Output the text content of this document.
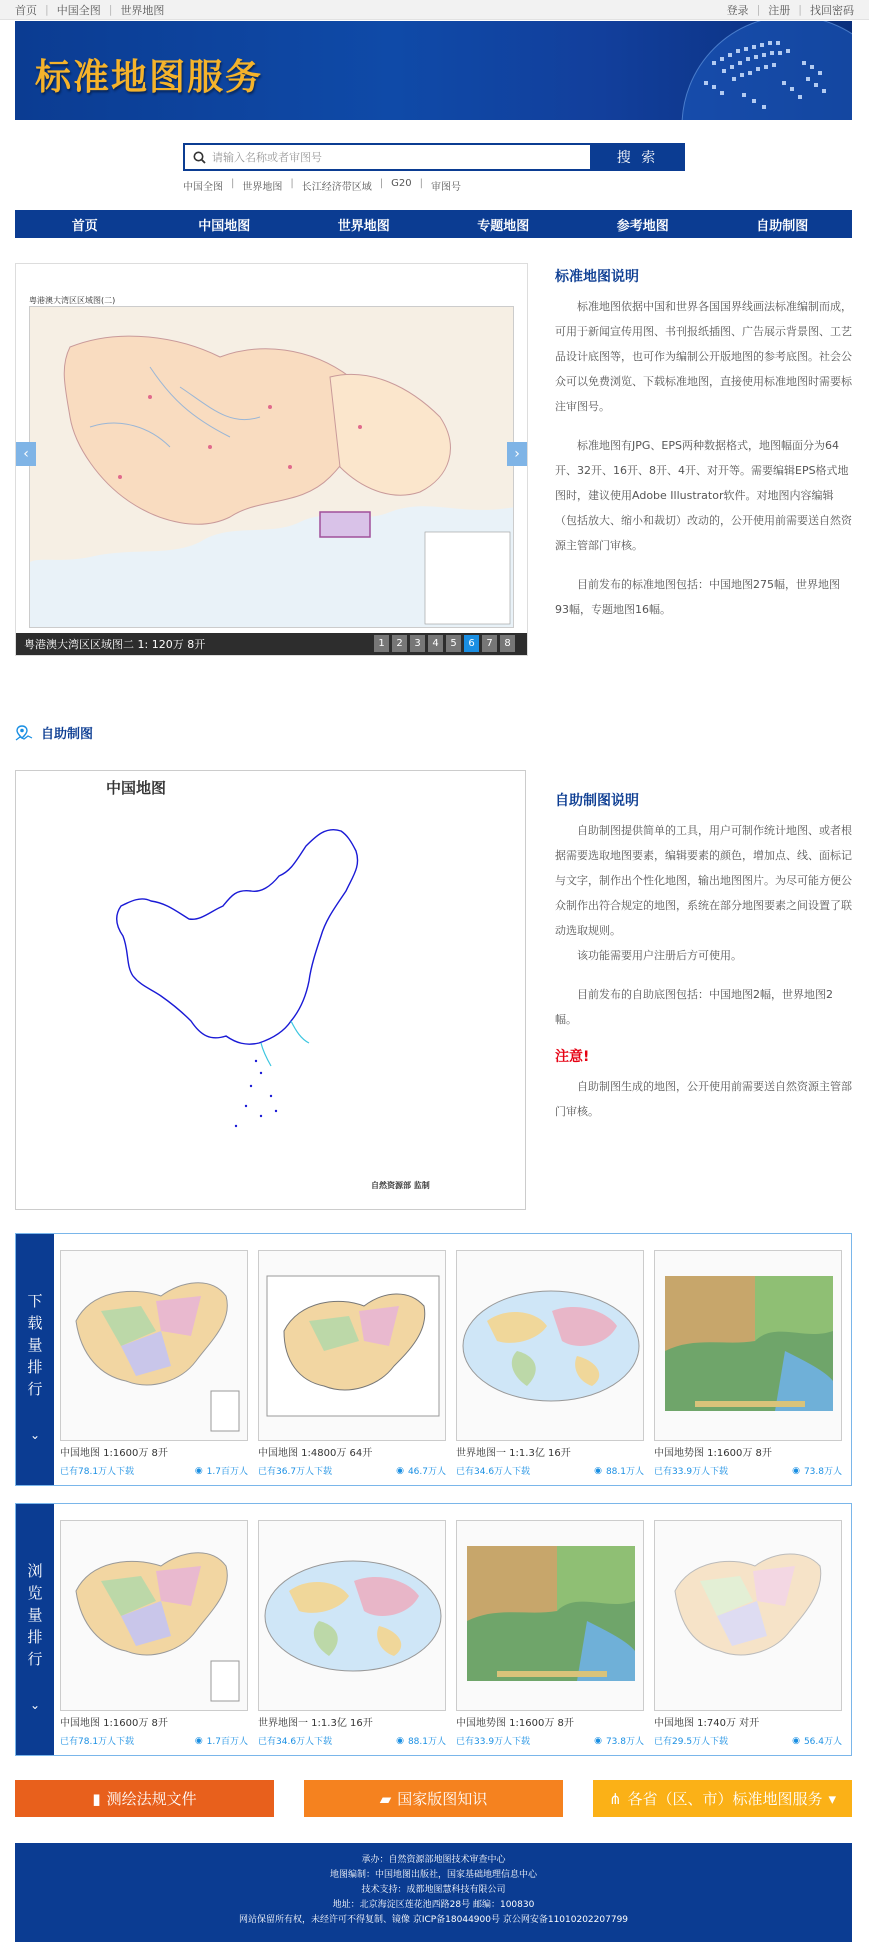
首页 | 中国全图 | 世界地图	登录 | 注册 | 找回密码
标准地图服务
请输入名称或者审图号	搜 索
中国全图 | 世界地图 | 长江经济带区域 | G20 | 审图号
首页	中国地图	世界地图	专题地图	参考地图	自助制图
粤港澳大湾区区域图(二)
‹	›
粤港澳大湾区区域图二 1: 120万 8开	1	2	3	4	5	6	7	8
标准地图说明

标准地图依据中国和世界各国国界线画法标准编制而成，可用于新闻宣传用图、书刊报纸插图、广告展示背景图、工艺品设计底图等，也可作为编制公开版地图的参考底图。社会公众可以免费浏览、下载标准地图，直接使用标准地图时需要标注审图号。

标准地图有JPG、EPS两种数据格式，地图幅面分为64开、32开、16开、8开、4开、对开等。需要编辑EPS格式地图时，建议使用Adobe Illustrator软件。对地图内容编辑（包括放大、缩小和裁切）改动的，公开使用前需要送自然资源主管部门审核。

目前发布的标准地图包括：中国地图275幅，世界地图93幅，专题地图16幅。

自助制图
中国地图
自然资源部 监制
自助制图说明

自助制图提供简单的工具，用户可制作统计地图、或者根据需要选取地图要素，编辑要素的颜色，增加点、线、面标记与文字，制作出个性化地图，输出地图图片。为尽可能方便公众制作出符合规定的地图，系统在部分地图要素之间设置了联动选取规则。

该功能需要用户注册后方可使用。

目前发布的自助底图包括：中国地图2幅，世界地图2幅。

注意!

自助制图生成的地图，公开使用前需要送自然资源主管部门审核。

下
载
量
排
行
⌄
中国地图 1:1600万 8开
已有78.1万人下载	◉ 1.7百万人
中国地图 1:4800万 64开
已有36.7万人下载	◉ 46.7万人
世界地图一 1:1.3亿 16开
已有34.6万人下载	◉ 88.1万人
中国地势图 1:1600万 8开
已有33.9万人下载	◉ 73.8万人
浏
览
量
排
行
⌄
中国地图 1:1600万 8开
已有78.1万人下载	◉ 1.7百万人
世界地图一 1:1.3亿 16开
已有34.6万人下载	◉ 88.1万人
中国地势图 1:1600万 8开
已有33.9万人下载	◉ 73.8万人
中国地图 1:740万 对开
已有29.5万人下载	◉ 56.4万人
▮ 测绘法规文件	▰ 国家版图知识	⋔ 各省（区、市）标准地图服务 ▾
承办：自然资源部地图技术审查中心
地图编制：中国地图出版社，国家基础地理信息中心
技术支持：成都地图慧科技有限公司
地址：北京海淀区莲花池西路28号 邮编：100830
网站保留所有权，未经许可不得复制、镜像 京ICP备18044900号 京公网安备11010202207799
